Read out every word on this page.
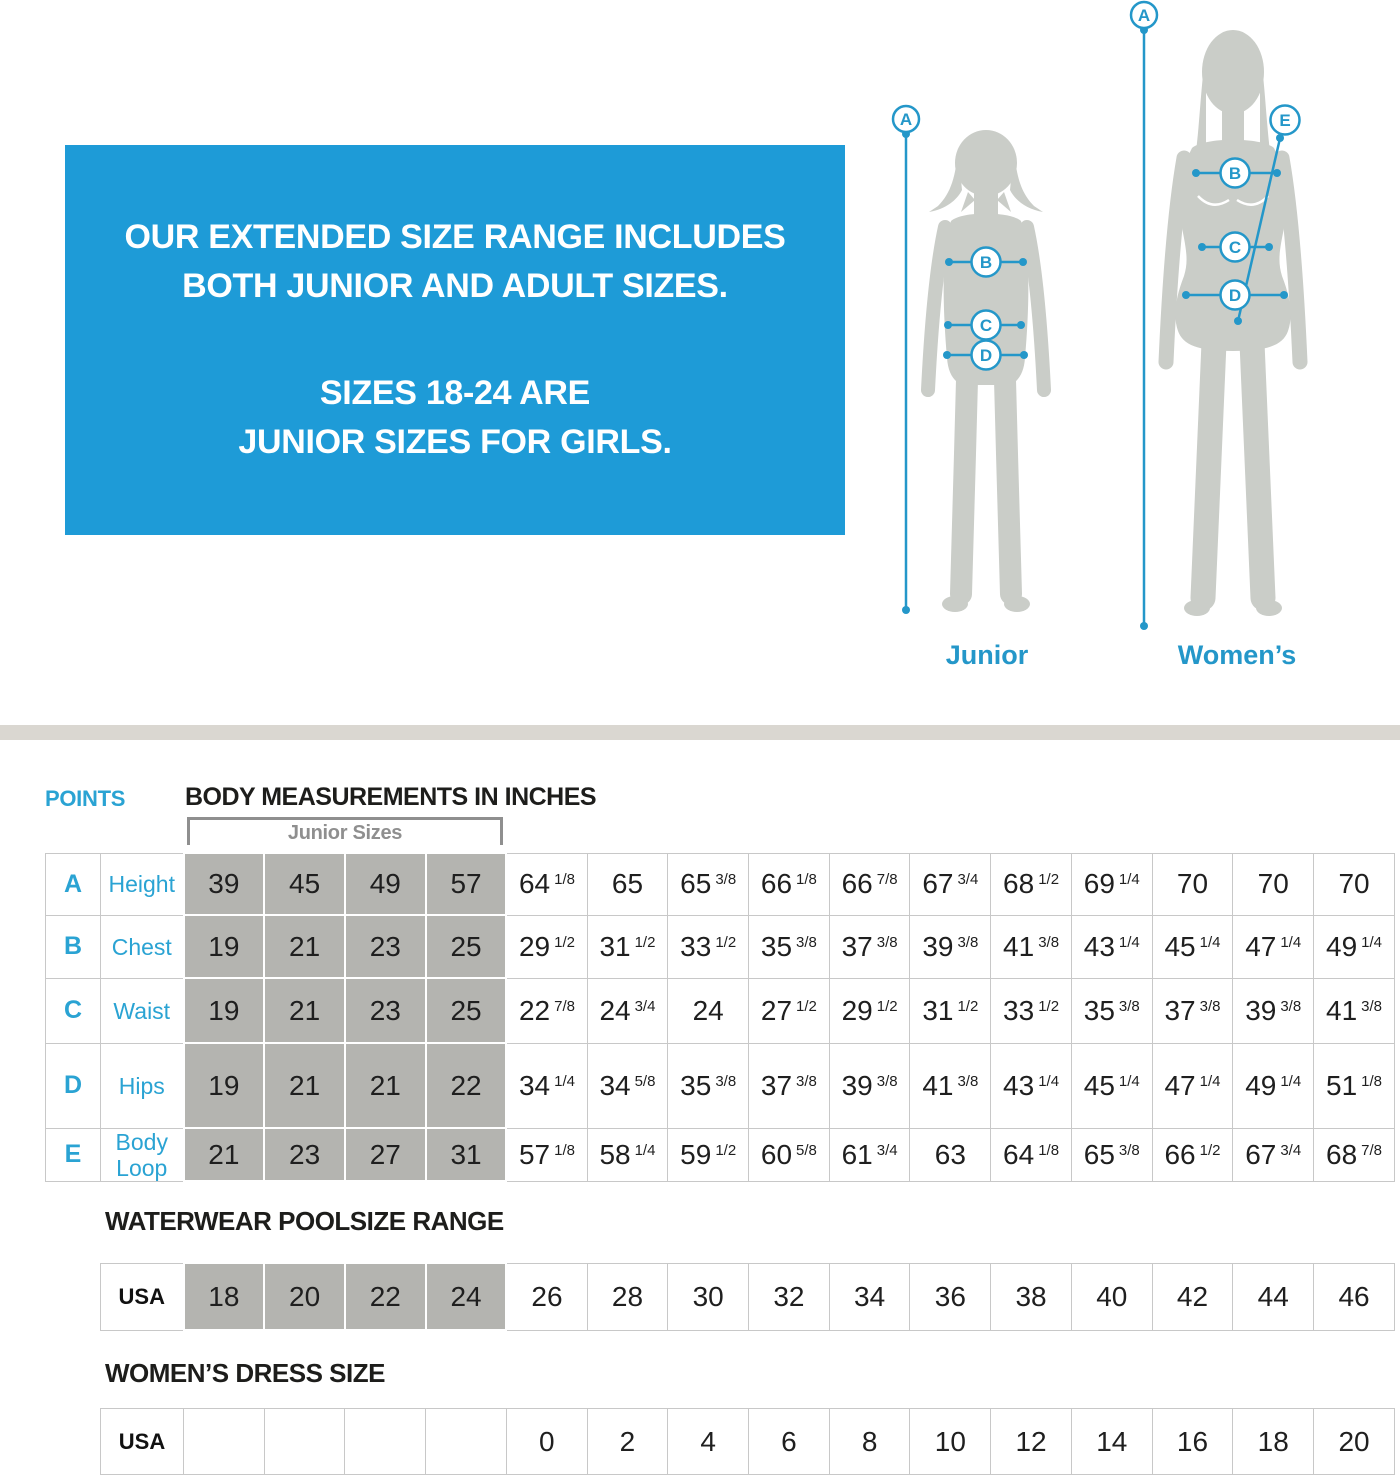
OUR EXTENDED SIZE RANGE INCLUDES
BOTH JUNIOR AND ADULT SIZES.
SIZES 18-24 ARE
JUNIOR SIZES FOR GIRLS.
A
B
C
D
A
B
C
D
E
Junior	Women’s
POINTS BODY MEASUREMENTS IN INCHES
Junior Sizes
A	Height	39	45	49	57	64 $^{1/8}$	65	65 $^{3/8}$	66 $^{1/8}$	66 $^{7/8}$	67 $^{3/4}$	68 $^{1/2}$	69 $^{1/4}$	70	70	70
B	Chest	19	21	23	25	29 $^{1/2}$	31 $^{1/2}$	33 $^{1/2}$	35 $^{3/8}$	37 $^{3/8}$	39 $^{3/8}$	41 $^{3/8}$	43 $^{1/4}$	45 $^{1/4}$	47 $^{1/4}$	49 $^{1/4}$
C	Waist	19	21	23	25	22 $^{7/8}$	24 $^{3/4}$	24	27 $^{1/2}$	29 $^{1/2}$	31 $^{1/2}$	33 $^{1/2}$	35 $^{3/8}$	37 $^{3/8}$	39 $^{3/8}$	41 $^{3/8}$
D	Hips	19	21	21	22	34 $^{1/4}$	34 $^{5/8}$	35 $^{3/8}$	37 $^{3/8}$	39 $^{3/8}$	41 $^{3/8}$	43 $^{1/4}$	45 $^{1/4}$	47 $^{1/4}$	49 $^{1/4}$	51 $^{1/8}$
E	Body Loop	21	23	27	31	57 $^{1/8}$	58 $^{1/4}$	59 $^{1/2}$	60 $^{5/8}$	61 $^{3/4}$	63	64 $^{1/8}$	65 $^{3/8}$	66 $^{1/2}$	67 $^{3/4}$	68 $^{7/8}$
WATERWEAR POOLSIZE RANGE
USA	18	20	22	24	26	28	30	32	34	36	38	40	42	44	46
WOMEN’S DRESS SIZE
USA					0	2	4	6	8	10	12	14	16	18	20
